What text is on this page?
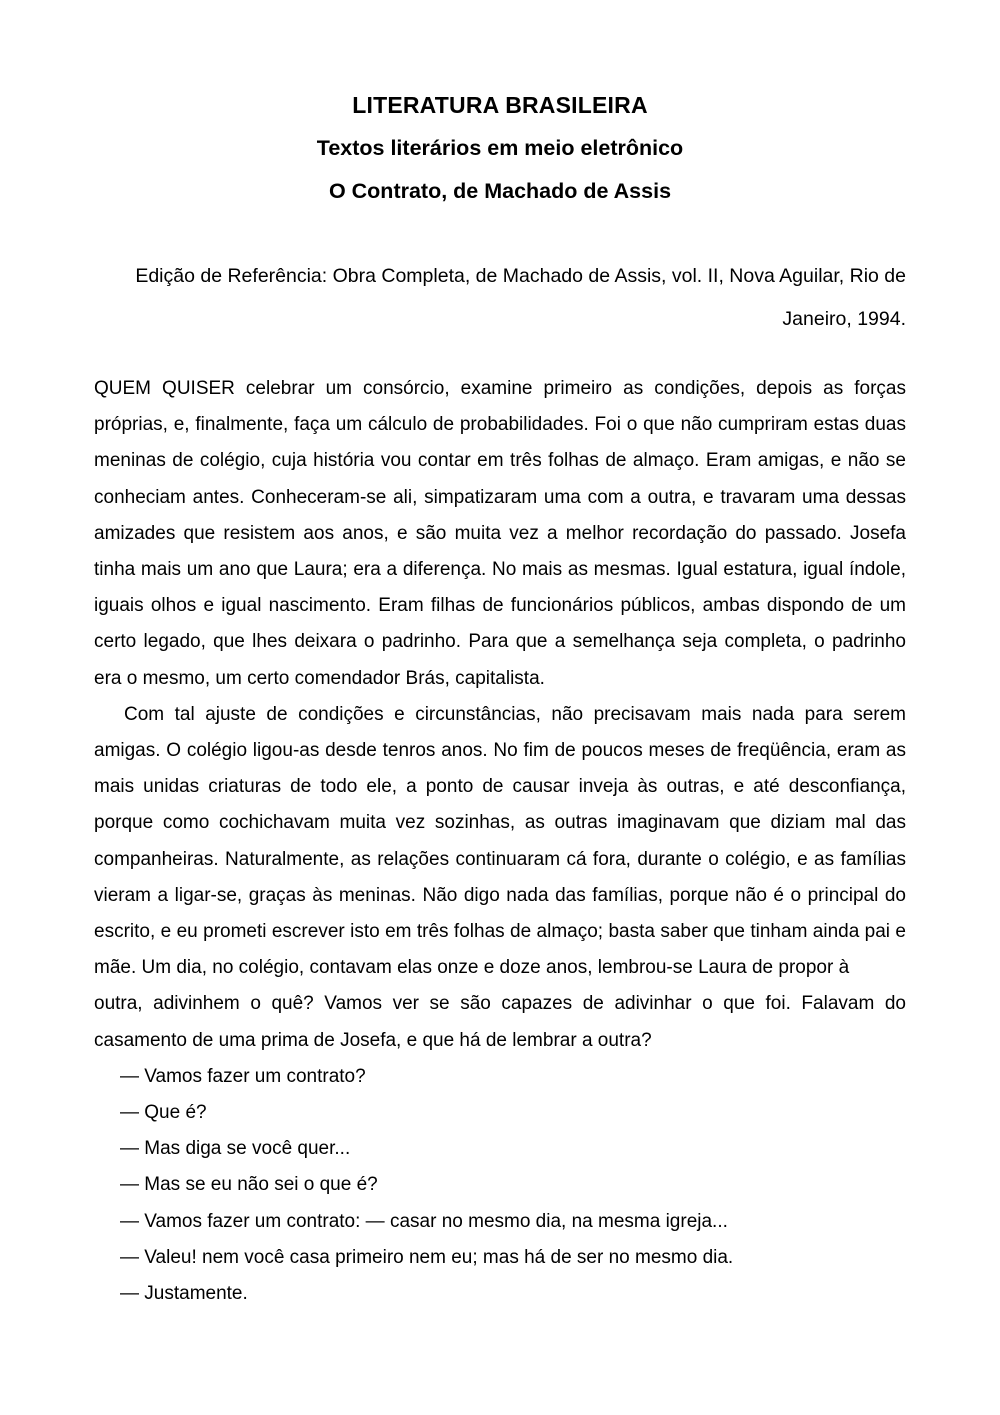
LITERATURA BRASILEIRA
Textos literários em meio eletrônico
O Contrato, de Machado de Assis
Edição de Referência: Obra Completa, de Machado de Assis, vol. II, Nova Aguilar, Rio de Janeiro, 1994.

QUEM QUISER celebrar um consórcio, examine primeiro as condições, depois as forças próprias, e, finalmente, faça um cálculo de probabilidades. Foi o que não cumpriram estas duas meninas de colégio, cuja história vou contar em três folhas de almaço. Eram amigas, e não se conheciam antes. Conheceram-se ali, simpatizaram uma com a outra, e travaram uma dessas amizades que resistem aos anos, e são muita vez a melhor recordação do passado. Josefa tinha mais um ano que Laura; era a diferença. No mais as mesmas. Igual estatura, igual índole, iguais olhos e igual nascimento. Eram filhas de funcionários públicos, ambas dispondo de um certo legado, que lhes deixara o padrinho. Para que a semelhança seja completa, o padrinho era o mesmo, um certo comendador Brás, capitalista.

Com tal ajuste de condições e circunstâncias, não precisavam mais nada para serem amigas. O colégio ligou-as desde tenros anos. No fim de poucos meses de freqüência, eram as mais unidas criaturas de todo ele, a ponto de causar inveja às outras, e até desconfiança, porque como cochichavam muita vez sozinhas, as outras imaginavam que diziam mal das companheiras. Naturalmente, as relações continuaram cá fora, durante o colégio, e as famílias vieram a ligar-se, graças às meninas. Não digo nada das famílias, porque não é o principal do escrito, e eu prometi escrever isto em três folhas de almaço; basta saber que tinham ainda pai e mãe. Um dia, no colégio, contavam elas onze e doze anos, lembrou-se Laura de propor à

outra, adivinhem o quê? Vamos ver se são capazes de adivinhar o que foi. Falavam do casamento de uma prima de Josefa, e que há de lembrar a outra?

— Vamos fazer um contrato?

— Que é?

— Mas diga se você quer...

— Mas se eu não sei o que é?

— Vamos fazer um contrato: — casar no mesmo dia, na mesma igreja...

— Valeu! nem você casa primeiro nem eu; mas há de ser no mesmo dia.

— Justamente.
